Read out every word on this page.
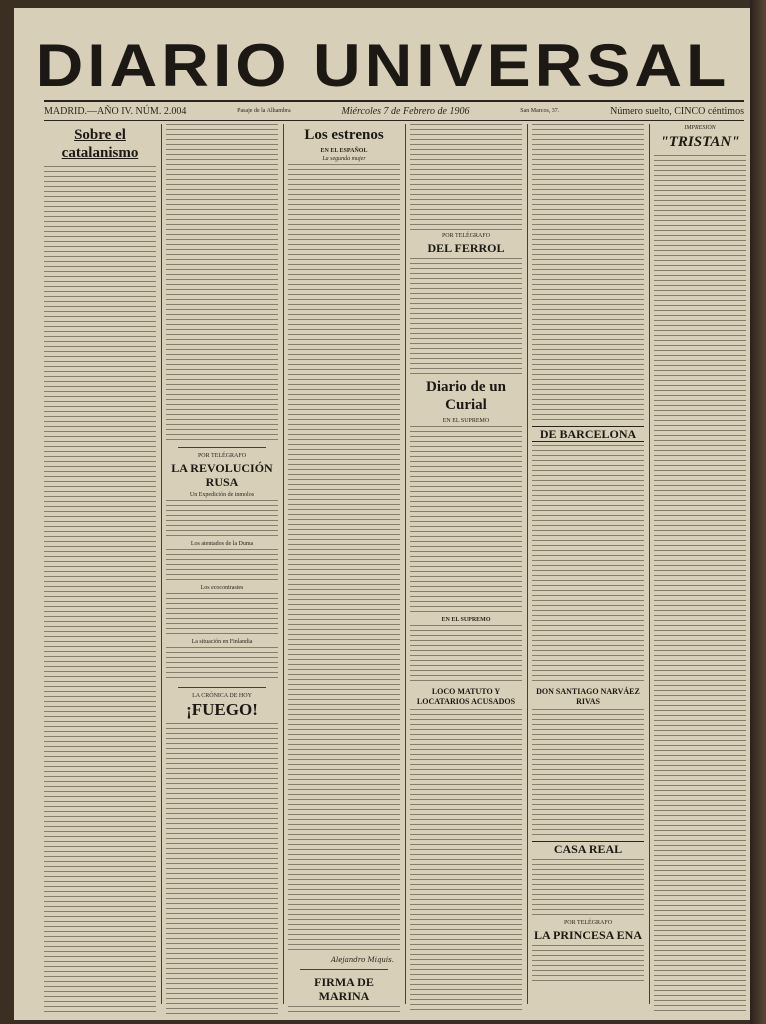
DIARIO UNIVERSAL
MADRID.—AÑO IV. NÚM. 2.004	Pasaje de la Alhambra	Miércoles 7 de Febrero de 1906	San Marcos, 37.	Número suelto, CINCO céntimos
Sobre el catalanismo
POR TELÉGRAFO
LA REVOLUCIÓN RUSA
Un Expedición de inmolos
Los atentados de la Duma
Los ecocontrastes
La situación en Finlandia
LA CRÓNICA DE HOY
¡FUEGO!
Los estrenos
EN EL ESPAÑOL
La segunda mujer
Alejandro Miquis.
FIRMA DE MARINA
POR TELÉGRAFO
DEL FERROL
Diario de un Curial
EN EL SUPREMO
EN EL SUPREMO
LOCO MATUTO Y LOCATARIOS ACUSADOS
DE BARCELONA
DON SANTIAGO NARVÁEZ RIVAS
CASA REAL
POR TELÉGRAFO
LA PRINCESA ENA
IMPRESIÓN
"TRISTAN"
